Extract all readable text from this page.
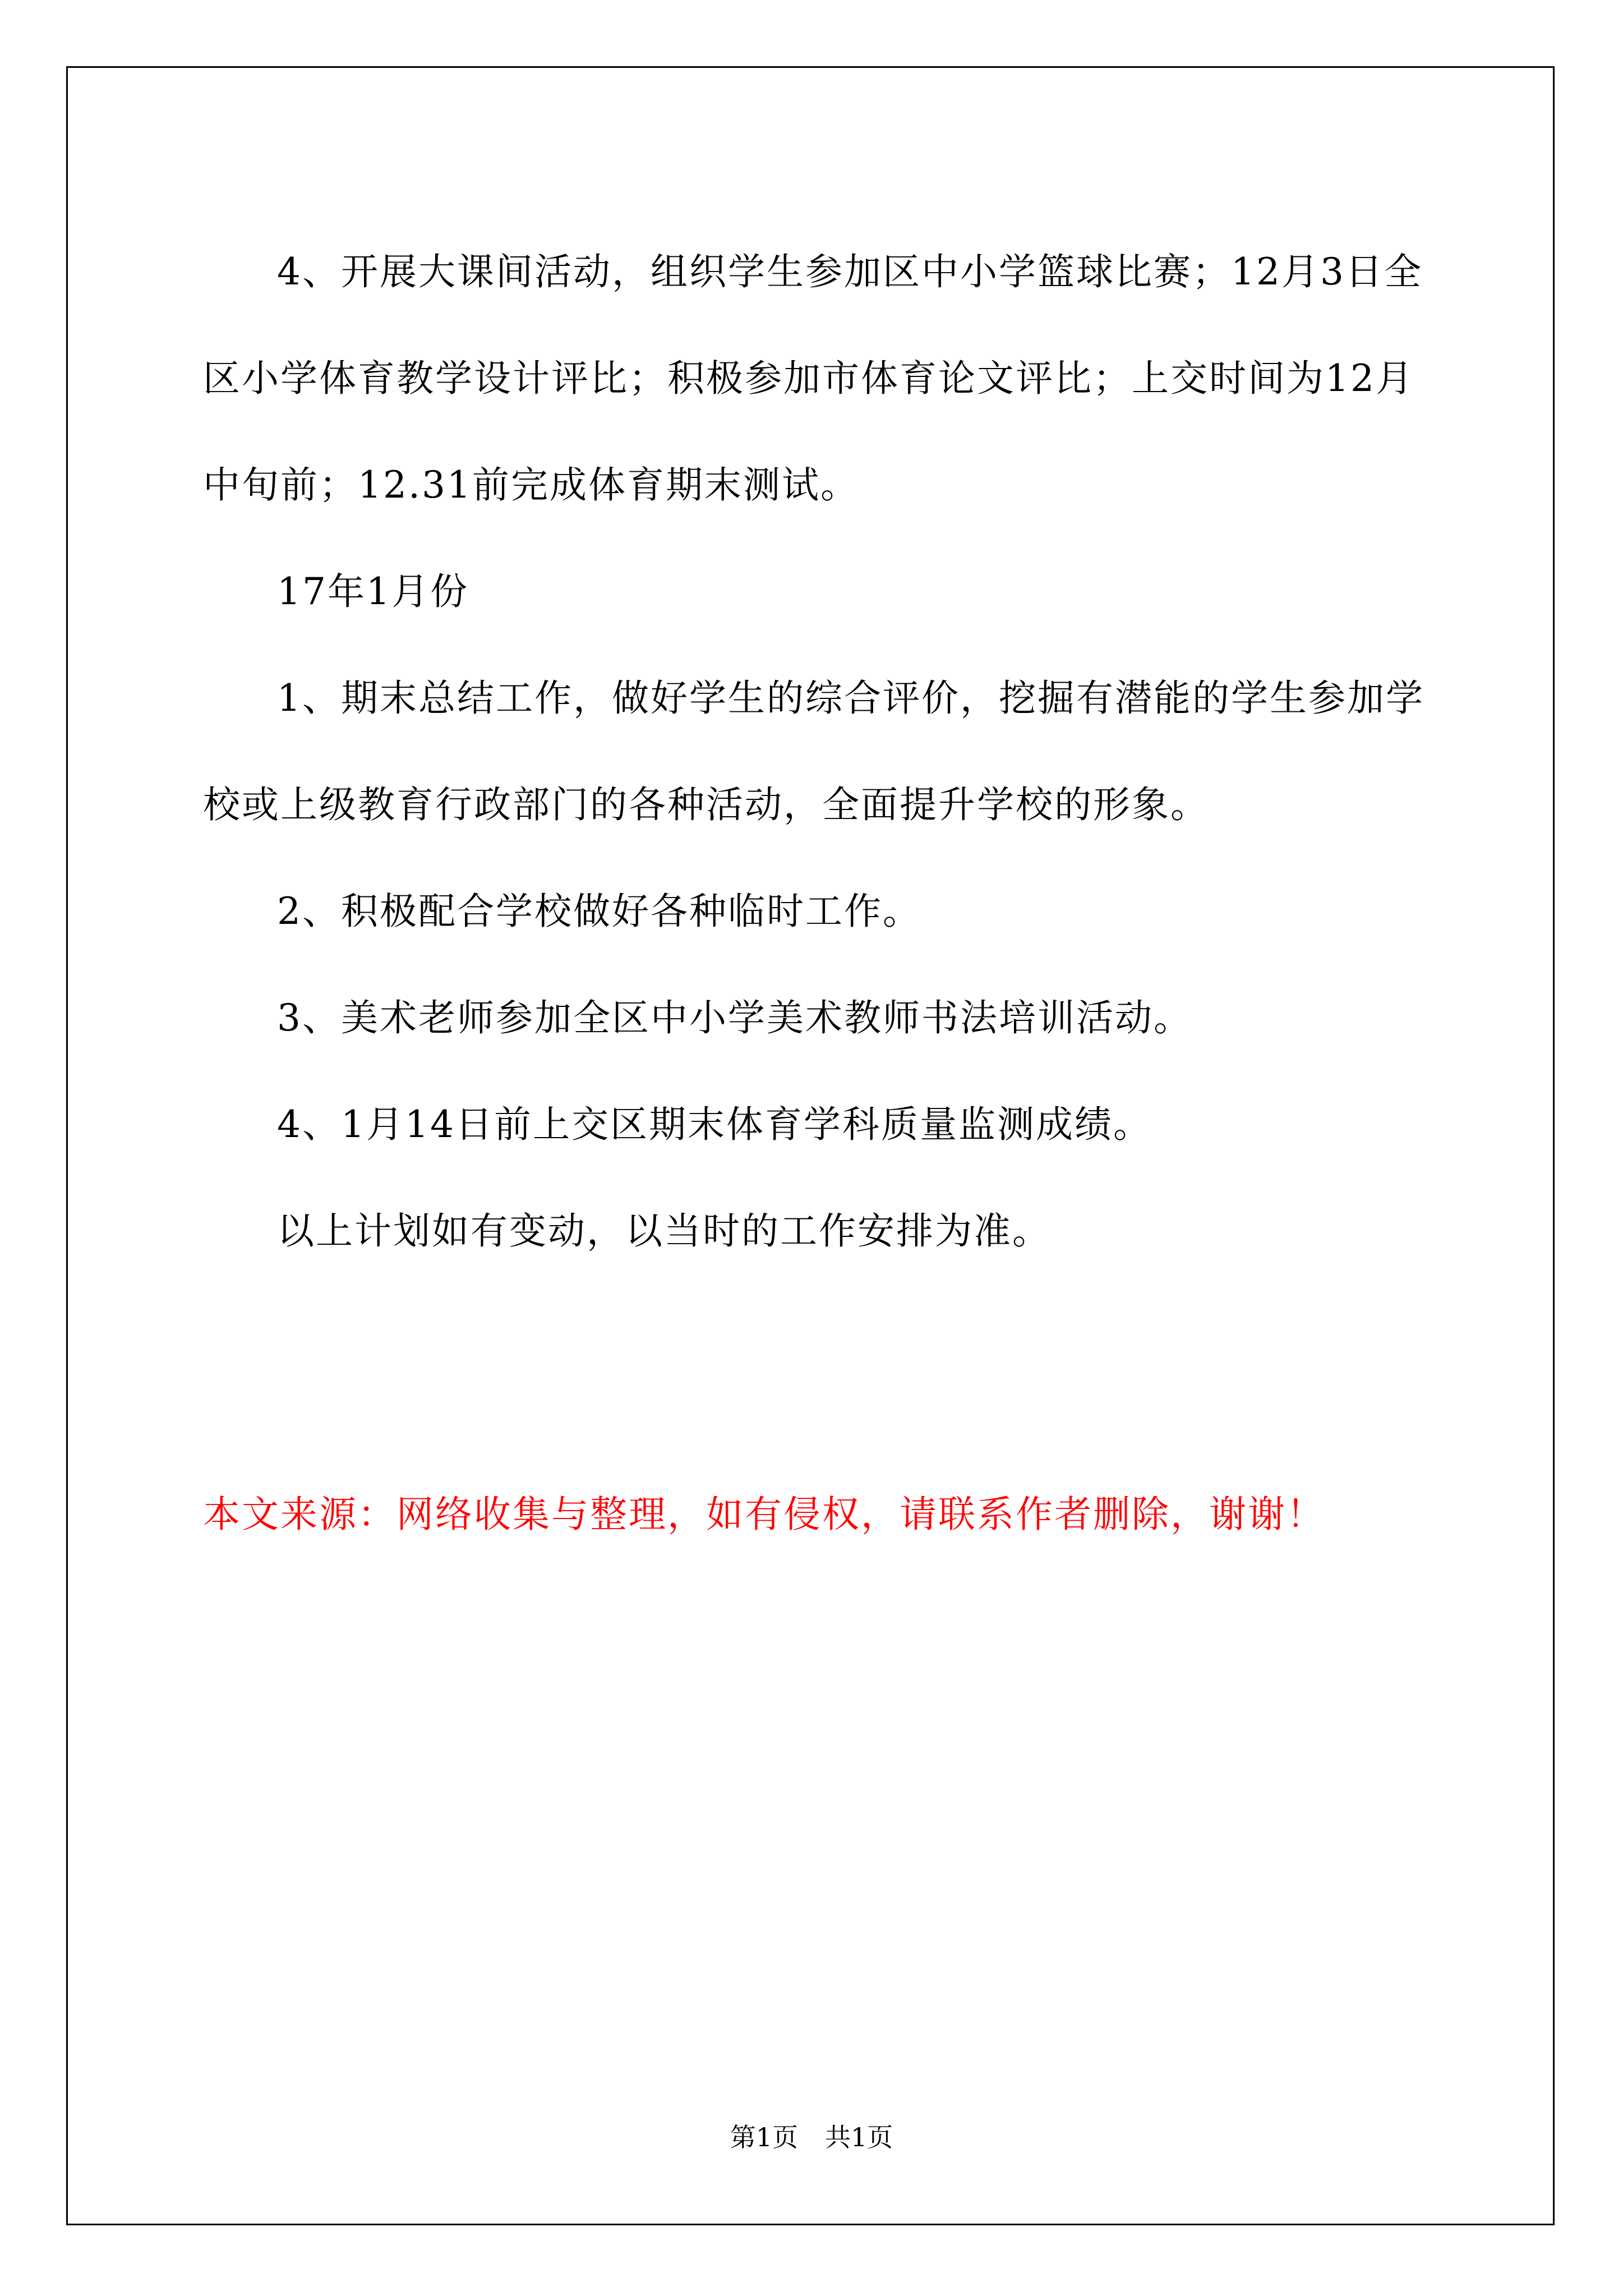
4、开展大课间活动，组织学生参加区中小学篮球比赛；12月3日全区小学体育教学设计评比；积极参加市体育论文评比；上交时间为12月中旬前；12.31前完成体育期末测试。

17年1月份

1、期末总结工作，做好学生的综合评价，挖掘有潜能的学生参加学校或上级教育行政部门的各种活动，全面提升学校的形象。

2、积极配合学校做好各种临时工作。

3、美术老师参加全区中小学美术教师书法培训活动。

4、1月14日前上交区期末体育学科质量监测成绩。

以上计划如有变动，以当时的工作安排为准。

本文来源：网络收集与整理，如有侵权，请联系作者删除，谢谢！

第1页 共1页
